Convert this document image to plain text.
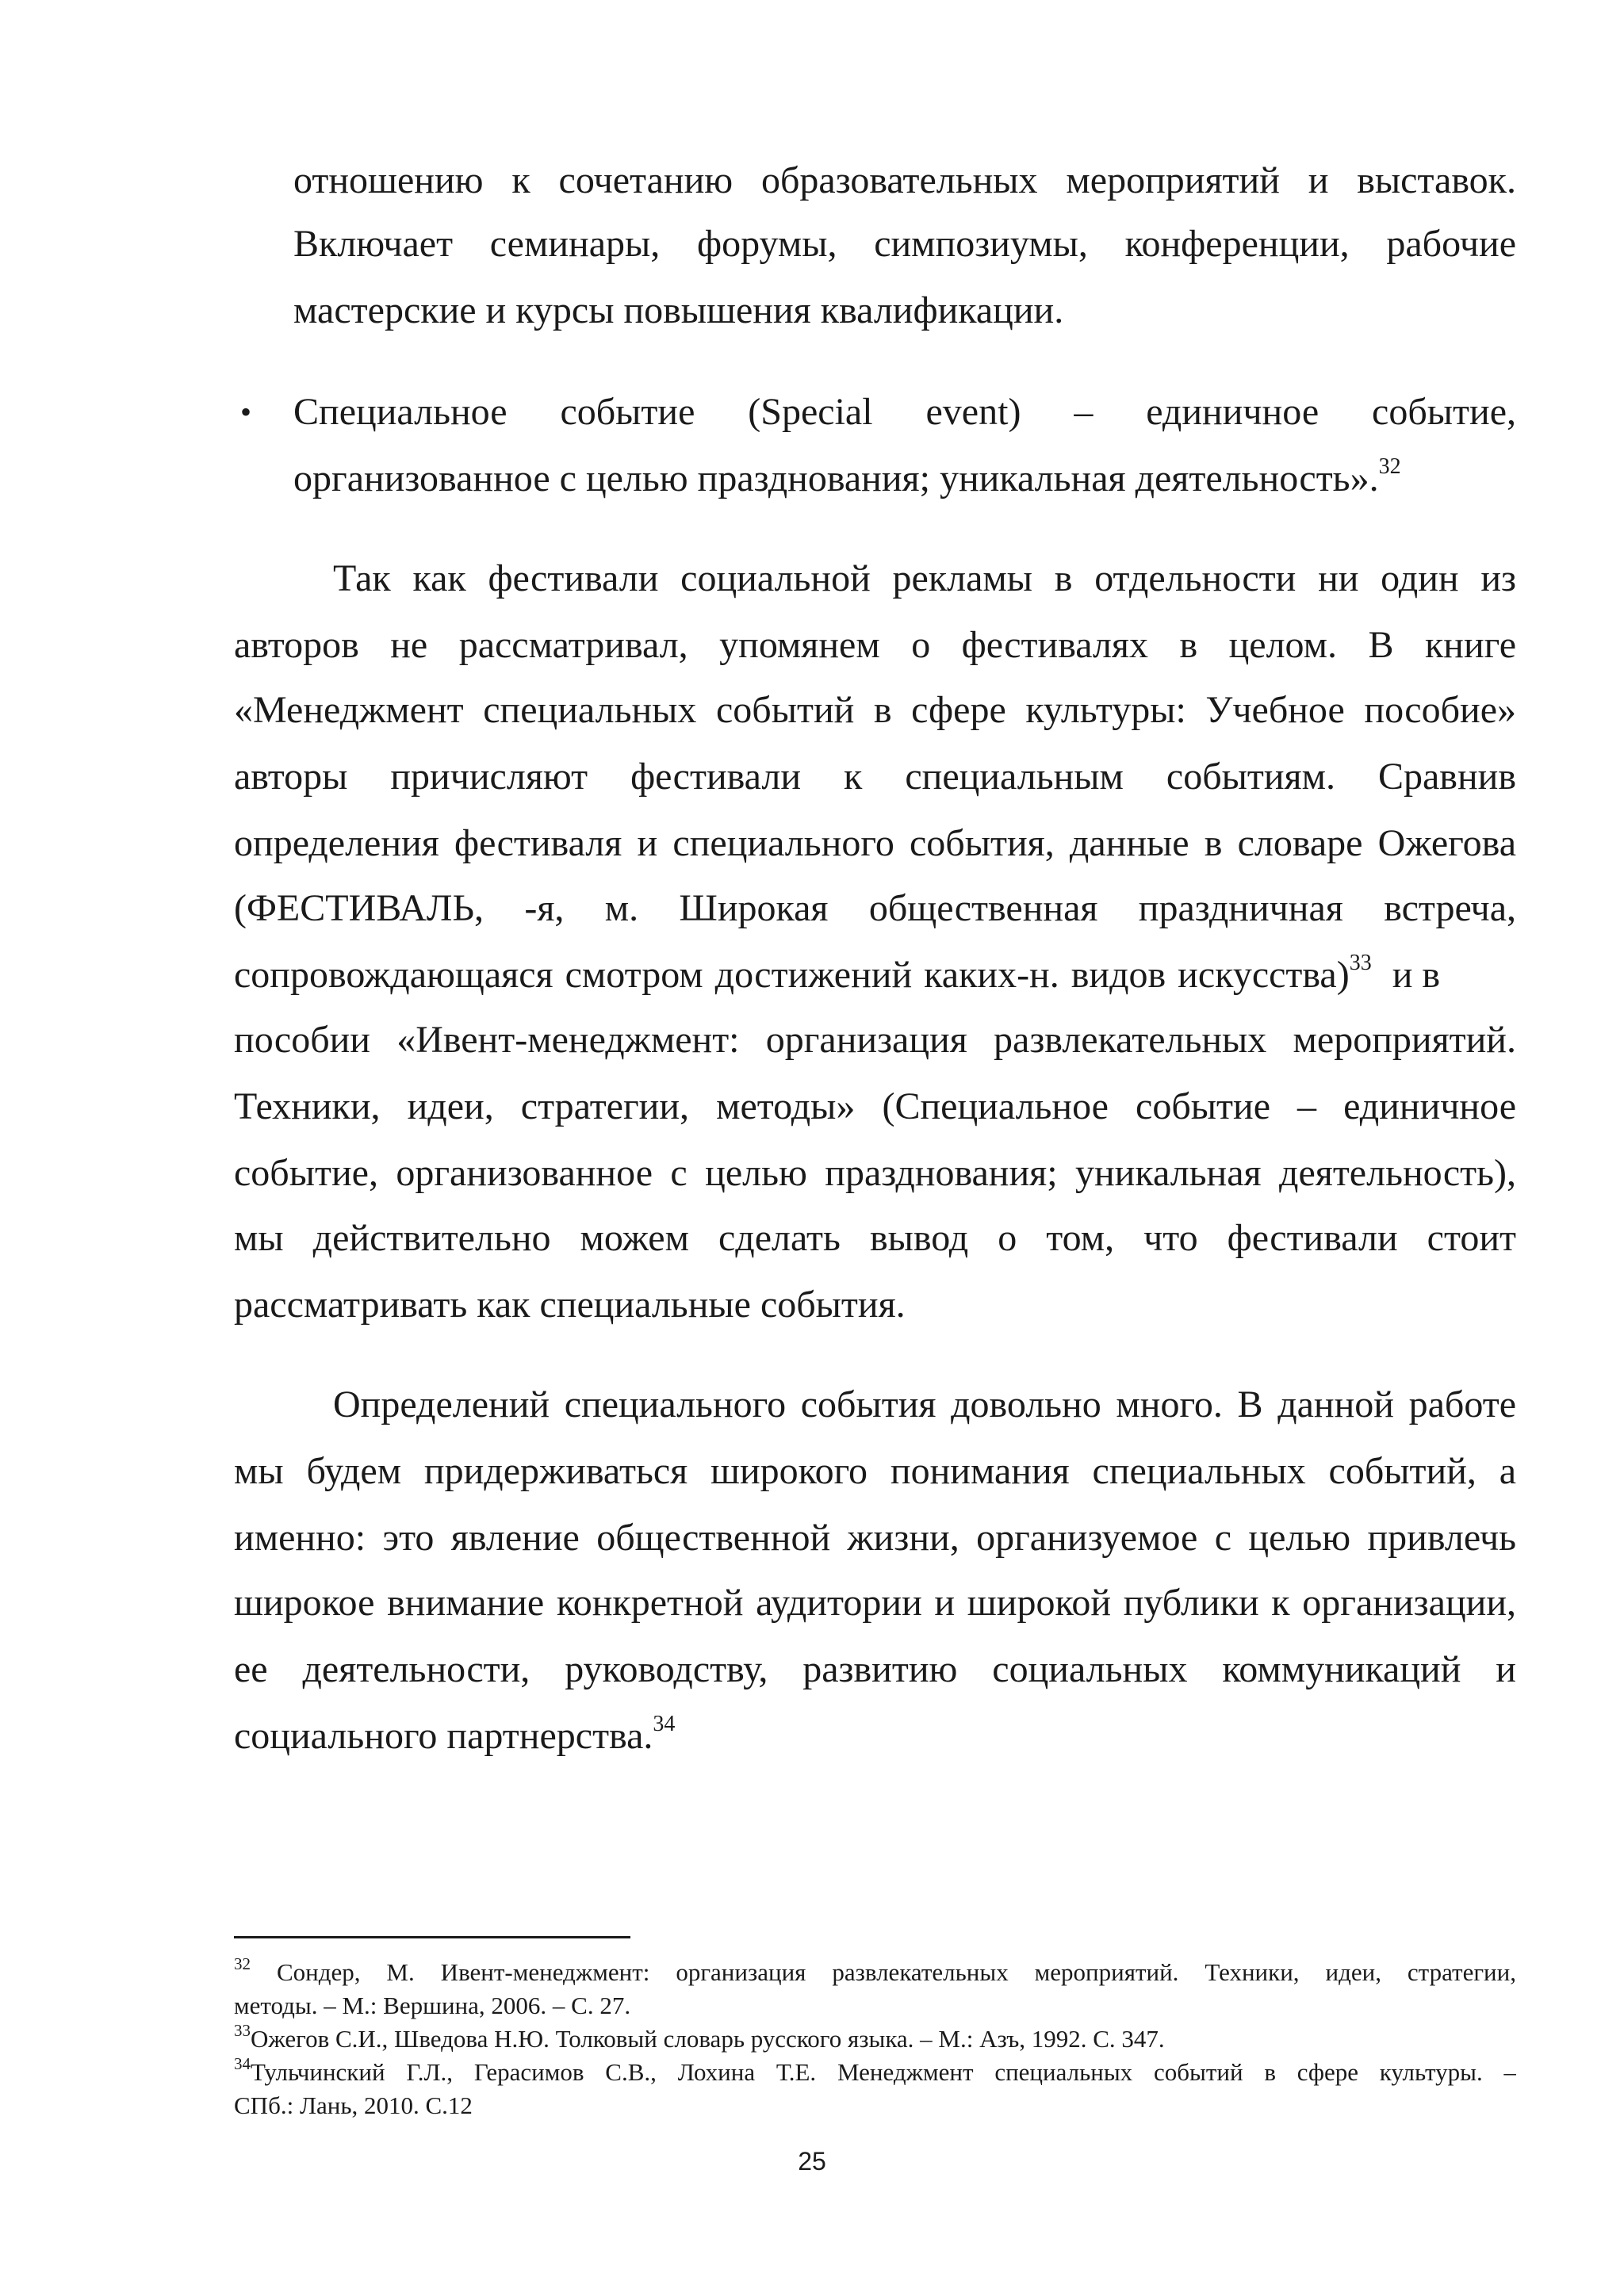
отношению к сочетанию образовательных мероприятий и выставок.
Включает семинары, форумы, симпозиумы, конференции, рабочие
мастерские и курсы повышения квалификации.
• Специальное событие (Special event) – единичное событие,
организованное с целью празднования; уникальная деятельность».$^{32}$
Так как фестивали социальной рекламы в отдельности ни один из
авторов не рассматривал, упомянем о фестивалях в целом. В книге
«Менеджмент специальных событий в сфере культуры: Учебное пособие»
авторы причисляют фестивали к специальным событиям. Сравнив
определения фестиваля и специального события, данные в словаре Ожегова
(ФЕСТИВАЛЬ, -я, м. Широкая общественная праздничная встреча,
сопровождающаяся смотром достижений каких-н. видов искусства)$^{33}$ и в
пособии «Ивент-менеджмент: организация развлекательных мероприятий.
Техники, идеи, стратегии, методы» (Специальное событие – единичное
событие, организованное с целью празднования; уникальная деятельность),
мы действительно можем сделать вывод о том, что фестивали стоит
рассматривать как специальные события.
Определений специального события довольно много. В данной работе
мы будем придерживаться широкого понимания специальных событий, а
именно: это явление общественной жизни, организуемое с целью привлечь
широкое внимание конкретной аудитории и широкой публики к организации,
ее деятельности, руководству, развитию социальных коммуникаций и
социального партнерства.$^{34}$
$^{32}$ Сондер, М. Ивент-менеджмент: организация развлекательных мероприятий. Техники, идеи, стратегии,
методы. – М.: Вершина, 2006. – С. 27.
$^{33}$Ожегов С.И., Шведова Н.Ю. Толковый словарь русского языка. – М.: Азъ, 1992. С. 347.
$^{34}$Тульчинский Г.Л., Герасимов С.В., Лохина Т.Е. Менеджмент специальных событий в сфере культуры. –
СПб.: Лань, 2010. С.12
25
